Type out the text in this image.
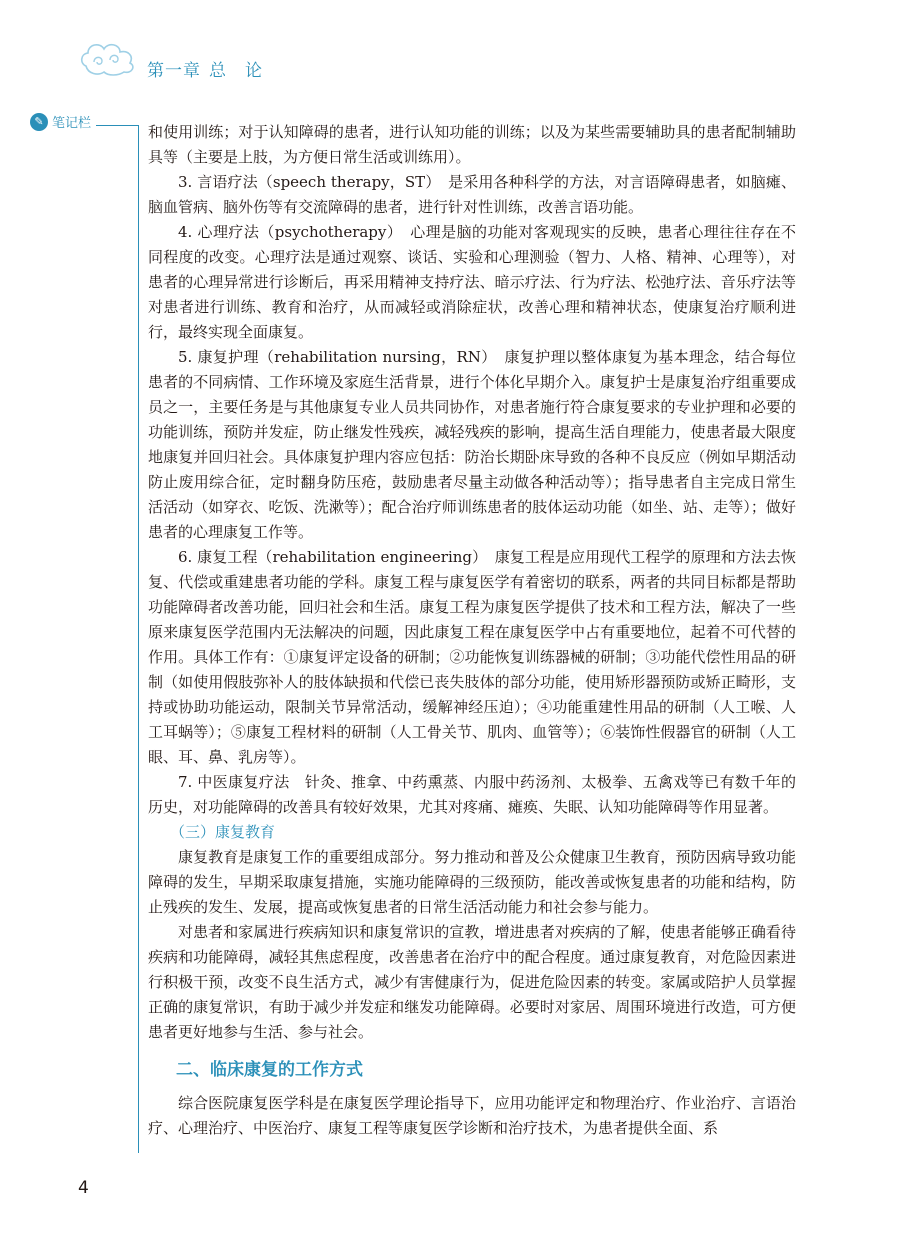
第一章 总　论
✎ 笔记栏	和使用训练；对于认知障碍的患者，进行认知功能的训练；以及为某些需要辅助具的患者配制辅助具等（主要是上肢，为方便日常生活或训练用）。

3. 言语疗法（speech therapy，ST）　是采用各种科学的方法，对言语障碍患者，如脑瘫、脑血管病、脑外伤等有交流障碍的患者，进行针对性训练，改善言语功能。

4. 心理疗法（psychotherapy）　心理是脑的功能对客观现实的反映，患者心理往往存在不同程度的改变。心理疗法是通过观察、谈话、实验和心理测验（智力、人格、精神、心理等），对患者的心理异常进行诊断后，再采用精神支持疗法、暗示疗法、行为疗法、松弛疗法、音乐疗法等对患者进行训练、教育和治疗，从而减轻或消除症状，改善心理和精神状态，使康复治疗顺利进行，最终实现全面康复。

5. 康复护理（rehabilitation nursing，RN）　康复护理以整体康复为基本理念，结合每位患者的不同病情、工作环境及家庭生活背景，进行个体化早期介入。康复护士是康复治疗组重要成员之一，主要任务是与其他康复专业人员共同协作，对患者施行符合康复要求的专业护理和必要的功能训练，预防并发症，防止继发性残疾，减轻残疾的影响，提高生活自理能力，使患者最大限度地康复并回归社会。具体康复护理内容应包括：防治长期卧床导致的各种不良反应（例如早期活动防止废用综合征，定时翻身防压疮，鼓励患者尽量主动做各种活动等）；指导患者自主完成日常生活活动（如穿衣、吃饭、洗漱等）；配合治疗师训练患者的肢体运动功能（如坐、站、走等）；做好患者的心理康复工作等。

6. 康复工程（rehabilitation engineering）　康复工程是应用现代工程学的原理和方法去恢复、代偿或重建患者功能的学科。康复工程与康复医学有着密切的联系，两者的共同目标都是帮助功能障碍者改善功能，回归社会和生活。康复工程为康复医学提供了技术和工程方法，解决了一些原来康复医学范围内无法解决的问题，因此康复工程在康复医学中占有重要地位，起着不可代替的作用。具体工作有：①康复评定设备的研制；②功能恢复训练器械的研制；③功能代偿性用品的研制（如使用假肢弥补人的肢体缺损和代偿已丧失肢体的部分功能，使用矫形器预防或矫正畸形，支持或协助功能运动，限制关节异常活动，缓解神经压迫）；④功能重建性用品的研制（人工喉、人工耳蜗等）；⑤康复工程材料的研制（人工骨关节、肌肉、血管等）；⑥装饰性假器官的研制（人工眼、耳、鼻、乳房等）。

7. 中医康复疗法　针灸、推拿、中药熏蒸、内服中药汤剂、太极拳、五禽戏等已有数千年的历史，对功能障碍的改善具有较好效果，尤其对疼痛、瘫痪、失眠、认知功能障碍等作用显著。

（三）康复教育

康复教育是康复工作的重要组成部分。努力推动和普及公众健康卫生教育，预防因病导致功能障碍的发生，早期采取康复措施，实施功能障碍的三级预防，能改善或恢复患者的功能和结构，防止残疾的发生、发展，提高或恢复患者的日常生活活动能力和社会参与能力。

对患者和家属进行疾病知识和康复常识的宣教，增进患者对疾病的了解，使患者能够正确看待疾病和功能障碍，减轻其焦虑程度，改善患者在治疗中的配合程度。通过康复教育，对危险因素进行积极干预，改变不良生活方式，减少有害健康行为，促进危险因素的转变。家属或陪护人员掌握正确的康复常识，有助于减少并发症和继发功能障碍。必要时对家居、周围环境进行改造，可方便患者更好地参与生活、参与社会。

二、临床康复的工作方式

综合医院康复医学科是在康复医学理论指导下，应用功能评定和物理治疗、作业治疗、言语治疗、心理治疗、中医治疗、康复工程等康复医学诊断和治疗技术，为患者提供全面、系

4
